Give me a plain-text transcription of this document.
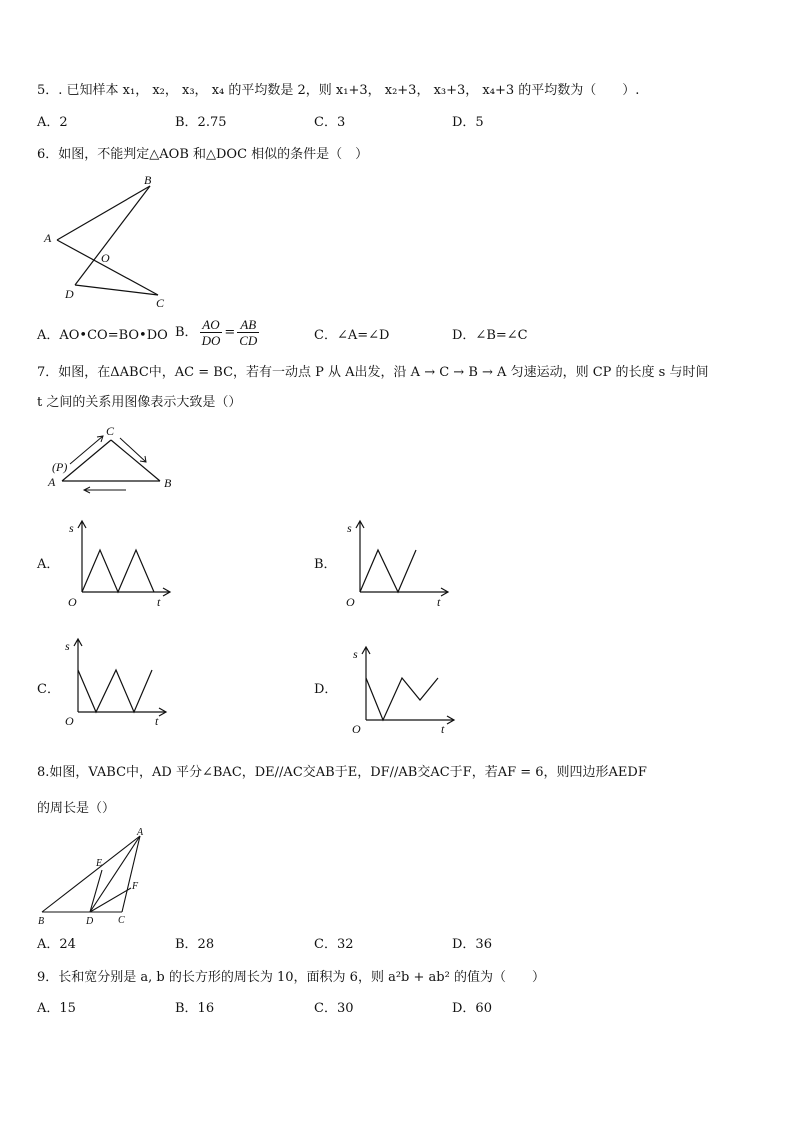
5．. 已知样本 x₁， x₂， x₃， x₄ 的平均数是 2，则 x₁+3， x₂+3， x₃+3， x₄+3 的平均数为（　　）.
A．2	B．2.75	C．3	D．5
6．如图，不能判定△AOB 和△DOC 相似的条件是（　）
B
A
O
D
C
A．AO•CO=BO•DO B． $\frac{AO}{DO} = \frac{AB}{CD}$	C．∠A=∠D	D．∠B=∠C
7．如图，在ΔABC中，AC = BC，若有一动点 P 从 A出发，沿 A → C → B → A 匀速运动，则 CP 的长度 s 与时间
t 之间的关系用图像表示大致是（）
C
(P)
A	B
A．
s
O	t
B．
s
O	t
C．
s
O	t
D．
s
O	t
8.如图，VABC中，AD 平分∠BAC，DE//AC交AB于E，DF//AB交AC于F，若AF = 6，则四边形AEDF
的周长是（）
A
E
F
B	D C
A．24	B．28	C．32	D．36
9．长和宽分别是 a, b 的长方形的周长为 10，面积为 6，则 a²b + ab² 的值为（　　）
A．15	B．16	C．30	D．60
